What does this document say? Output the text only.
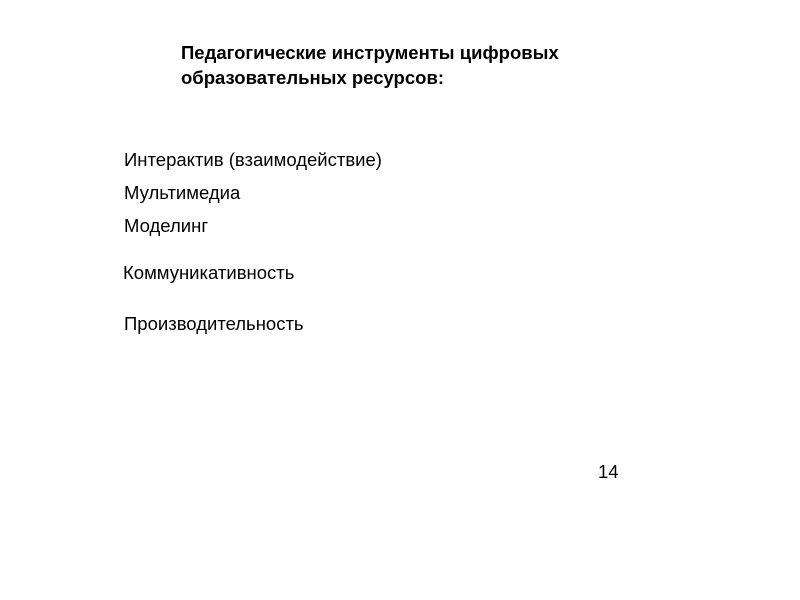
Педагогические инструменты цифровых
образовательных ресурсов:

Интерактив (взаимодействие)

Мультимедиа

Моделинг

Коммуникативность

Производительность

14
